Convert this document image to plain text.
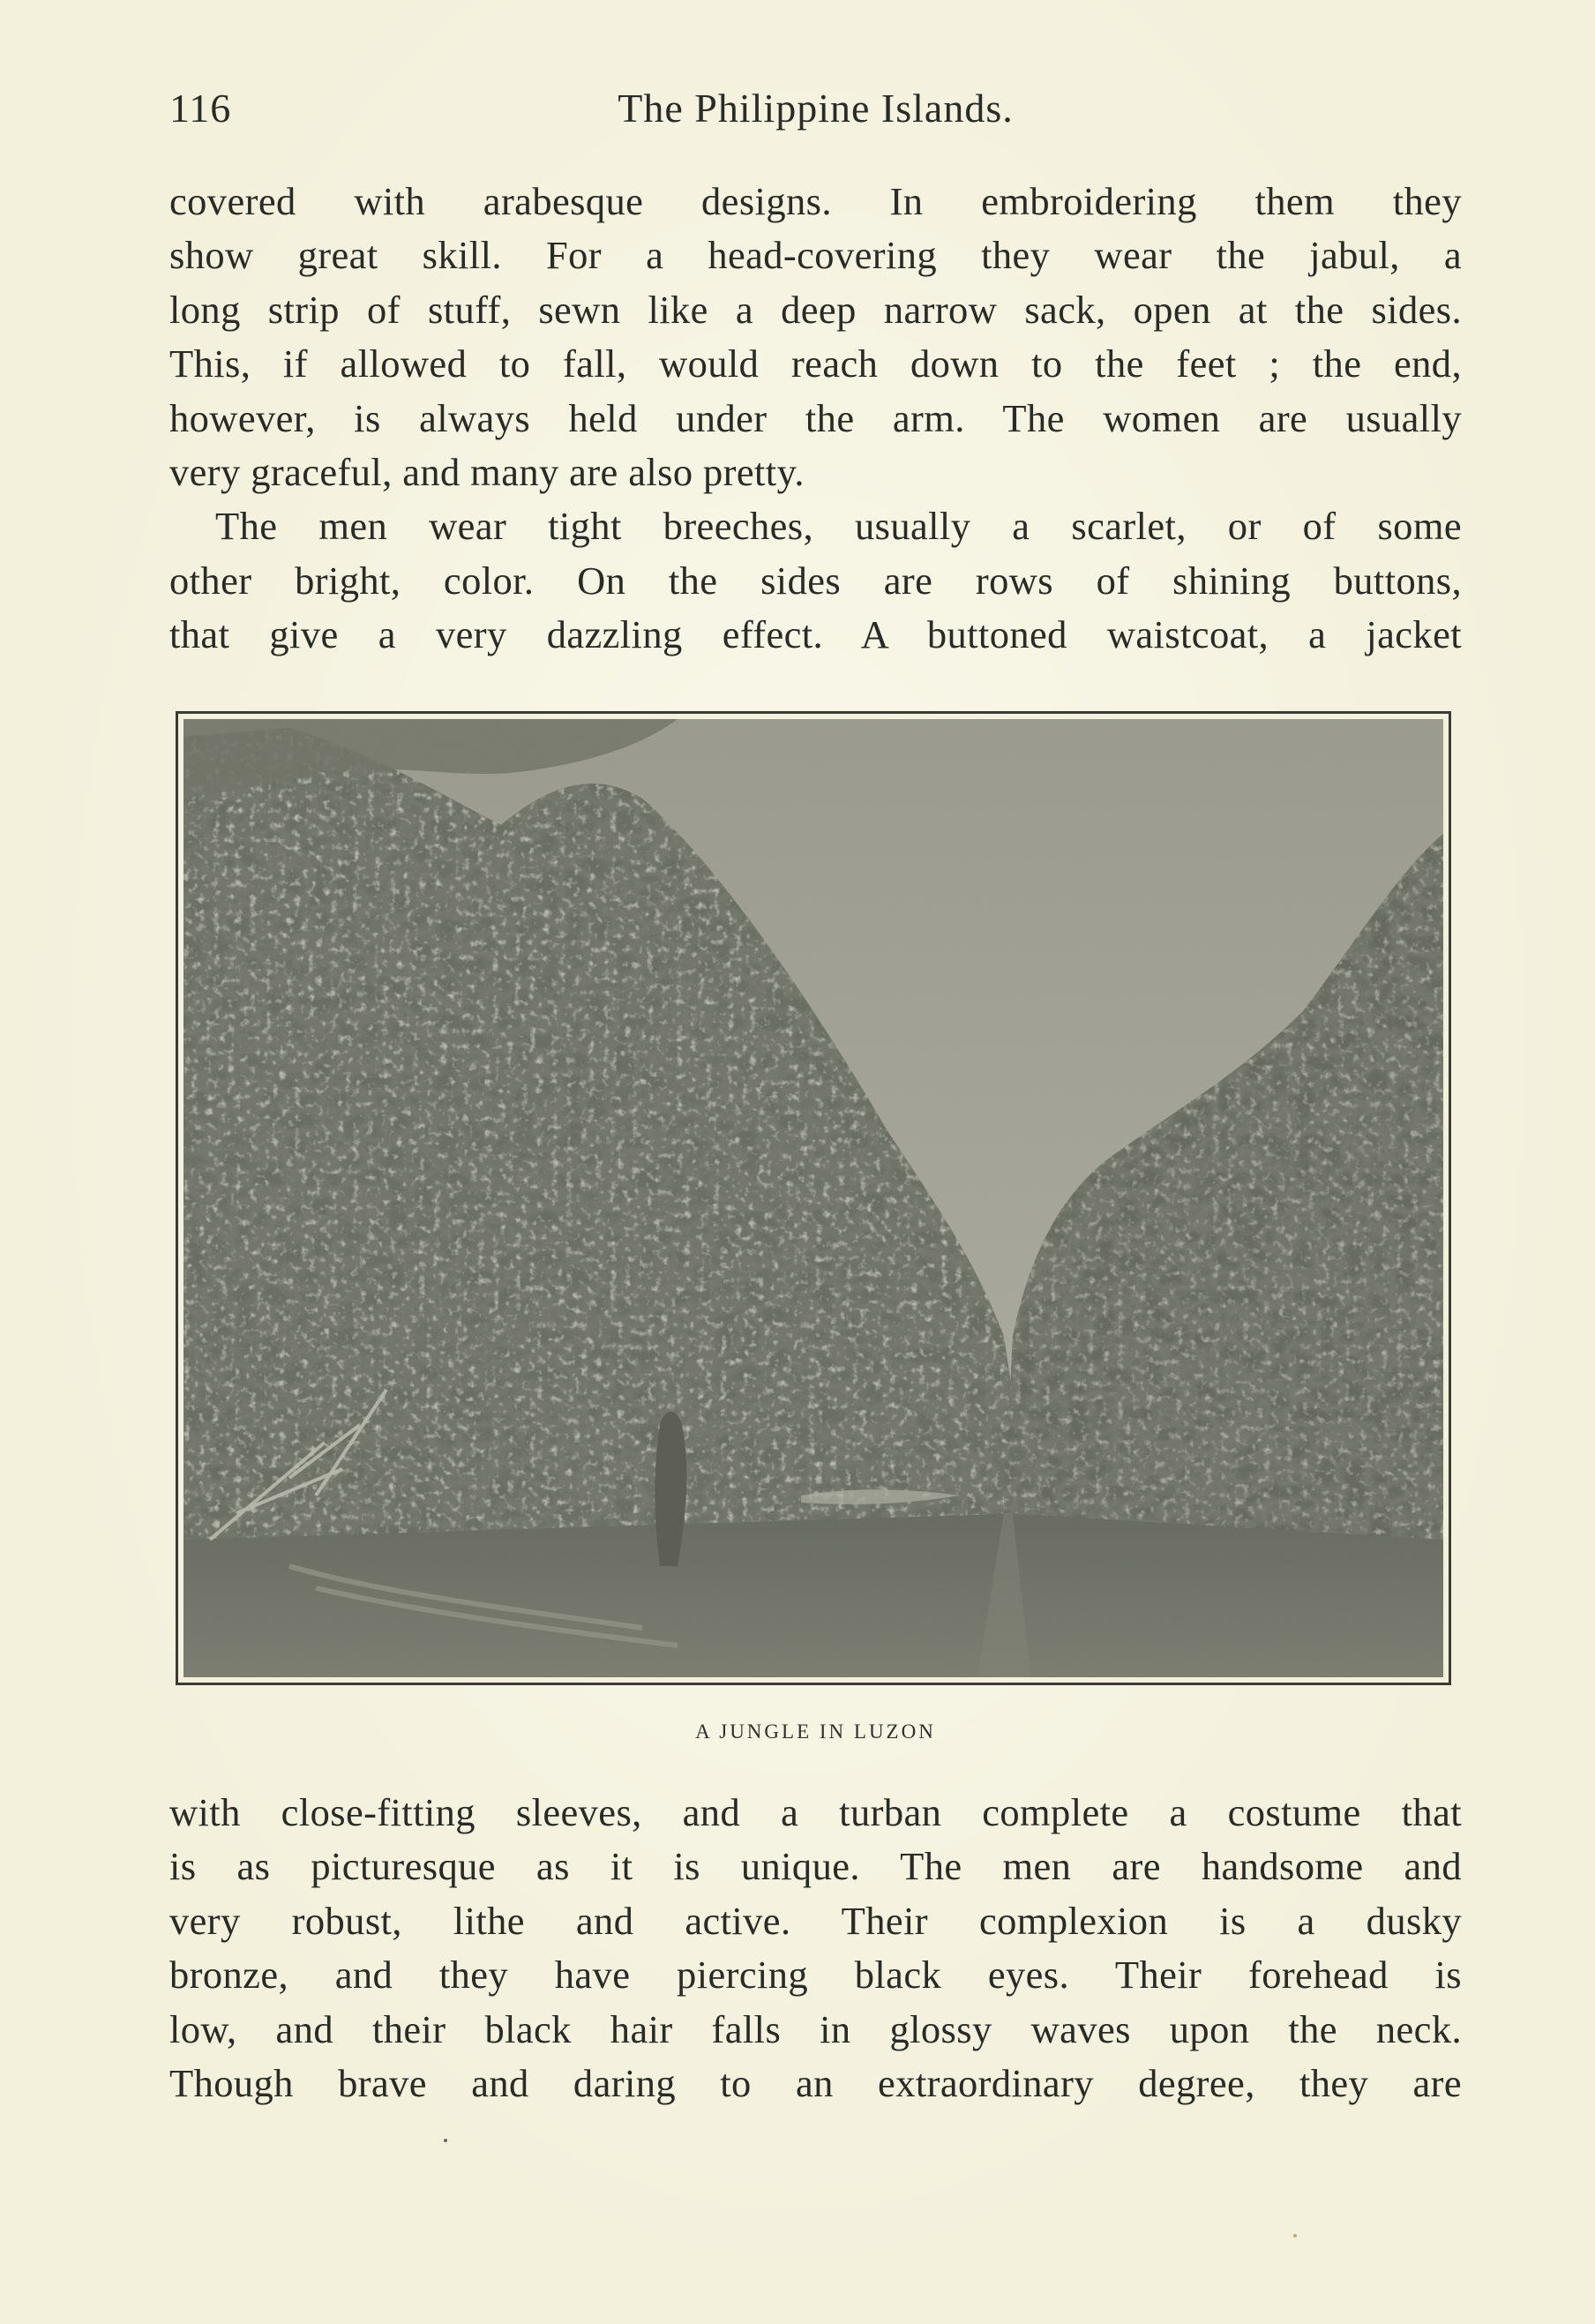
116	The Philippine Islands.
covered with arabesque designs. In embroidering them they
show great skill. For a head-covering they wear the jabul, a
long strip of stuff, sewn like a deep narrow sack, open at the sides.
This, if allowed to fall, would reach down to the feet ; the end,
however, is always held under the arm. The women are usually
very graceful, and many are also pretty.
The men wear tight breeches, usually a scarlet, or of some
other bright, color. On the sides are rows of shining buttons,
that give a very dazzling effect. A buttoned waistcoat, a jacket
A JUNGLE IN LUZON
with close-fitting sleeves, and a turban complete a costume that
is as picturesque as it is unique. The men are handsome and
very robust, lithe and active. Their complexion is a dusky
bronze, and they have piercing black eyes. Their forehead is
low, and their black hair falls in glossy waves upon the neck.
Though brave and daring to an extraordinary degree, they are
